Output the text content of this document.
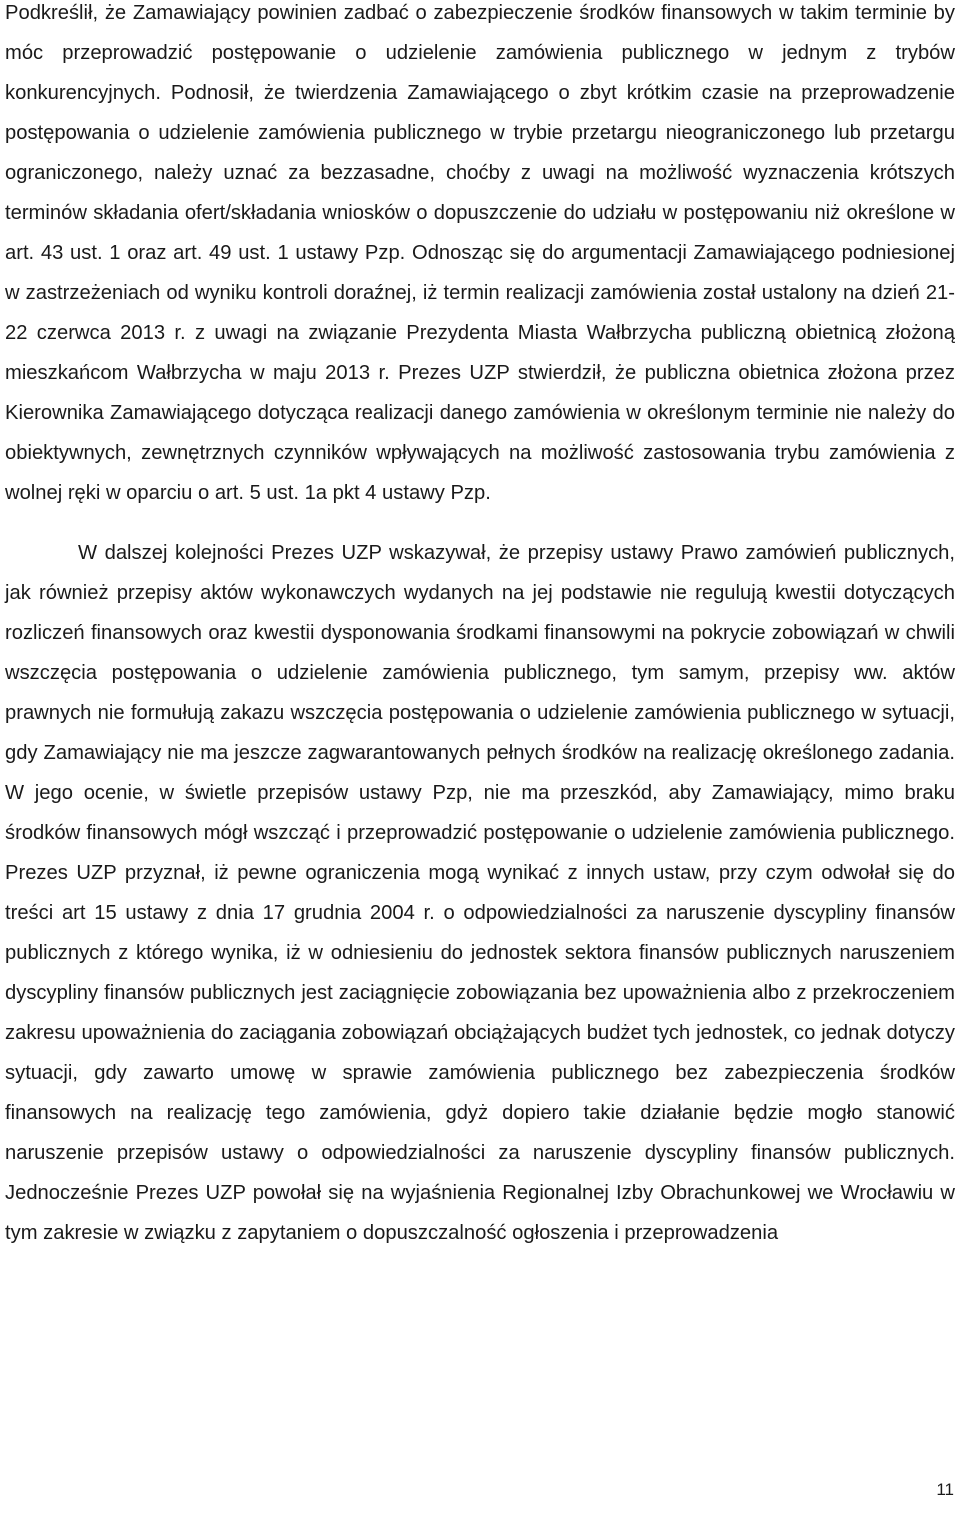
Podkreślił, że Zamawiający powinien zadbać o zabezpieczenie środków finansowych w takim terminie by móc przeprowadzić postępowanie o udzielenie zamówienia publicznego w jednym z trybów konkurencyjnych. Podnosił, że twierdzenia Zamawiającego o zbyt krótkim czasie na przeprowadzenie postępowania o udzielenie zamówienia publicznego w trybie przetargu nieograniczonego lub przetargu ograniczonego, należy uznać za bezzasadne, choćby z uwagi na możliwość wyznaczenia krótszych terminów składania ofert/składania wniosków o dopuszczenie do udziału w postępowaniu niż określone w art. 43 ust. 1 oraz art. 49 ust. 1 ustawy Pzp. Odnosząc się do argumentacji Zamawiającego podniesionej w zastrzeżeniach od wyniku kontroli doraźnej, iż termin realizacji zamówienia został ustalony na dzień 21-22 czerwca 2013 r. z uwagi na związanie Prezydenta Miasta Wałbrzycha publiczną obietnicą złożoną mieszkańcom Wałbrzycha w maju 2013 r. Prezes UZP stwierdził, że publiczna obietnica złożona przez Kierownika Zamawiającego dotycząca realizacji danego zamówienia w określonym terminie nie należy do obiektywnych, zewnętrznych czynników wpływających na możliwość zastosowania trybu zamówienia z wolnej ręki w oparciu o art. 5 ust. 1a pkt 4 ustawy Pzp.

W dalszej kolejności Prezes UZP wskazywał, że przepisy ustawy Prawo zamówień publicznych, jak również przepisy aktów wykonawczych wydanych na jej podstawie nie regulują kwestii dotyczących rozliczeń finansowych oraz kwestii dysponowania środkami finansowymi na pokrycie zobowiązań w chwili wszczęcia postępowania o udzielenie zamówienia publicznego, tym samym, przepisy ww. aktów prawnych nie formułują zakazu wszczęcia postępowania o udzielenie zamówienia publicznego w sytuacji, gdy Zamawiający nie ma jeszcze zagwarantowanych pełnych środków na realizację określonego zadania. W jego ocenie, w świetle przepisów ustawy Pzp, nie ma przeszkód, aby Zamawiający, mimo braku środków finansowych mógł wszcząć i przeprowadzić postępowanie o udzielenie zamówienia publicznego. Prezes UZP przyznał, iż pewne ograniczenia mogą wynikać z innych ustaw, przy czym odwołał się do treści art 15 ustawy z dnia 17 grudnia 2004 r. o odpowiedzialności za naruszenie dyscypliny finansów publicznych z którego wynika, iż w odniesieniu do jednostek sektora finansów publicznych naruszeniem dyscypliny finansów publicznych jest zaciągnięcie zobowiązania bez upoważnienia albo z przekroczeniem zakresu upoważnienia do zaciągania zobowiązań obciążających budżet tych jednostek, co jednak dotyczy sytuacji, gdy zawarto umowę w sprawie zamówienia publicznego bez zabezpieczenia środków finansowych na realizację tego zamówienia, gdyż dopiero takie działanie będzie mogło stanowić naruszenie przepisów ustawy o odpowiedzialności za naruszenie dyscypliny finansów publicznych. Jednocześnie Prezes UZP powołał się na wyjaśnienia Regionalnej Izby Obrachunkowej we Wrocławiu w tym zakresie w związku z zapytaniem o dopuszczalność ogłoszenia i przeprowadzenia

11
